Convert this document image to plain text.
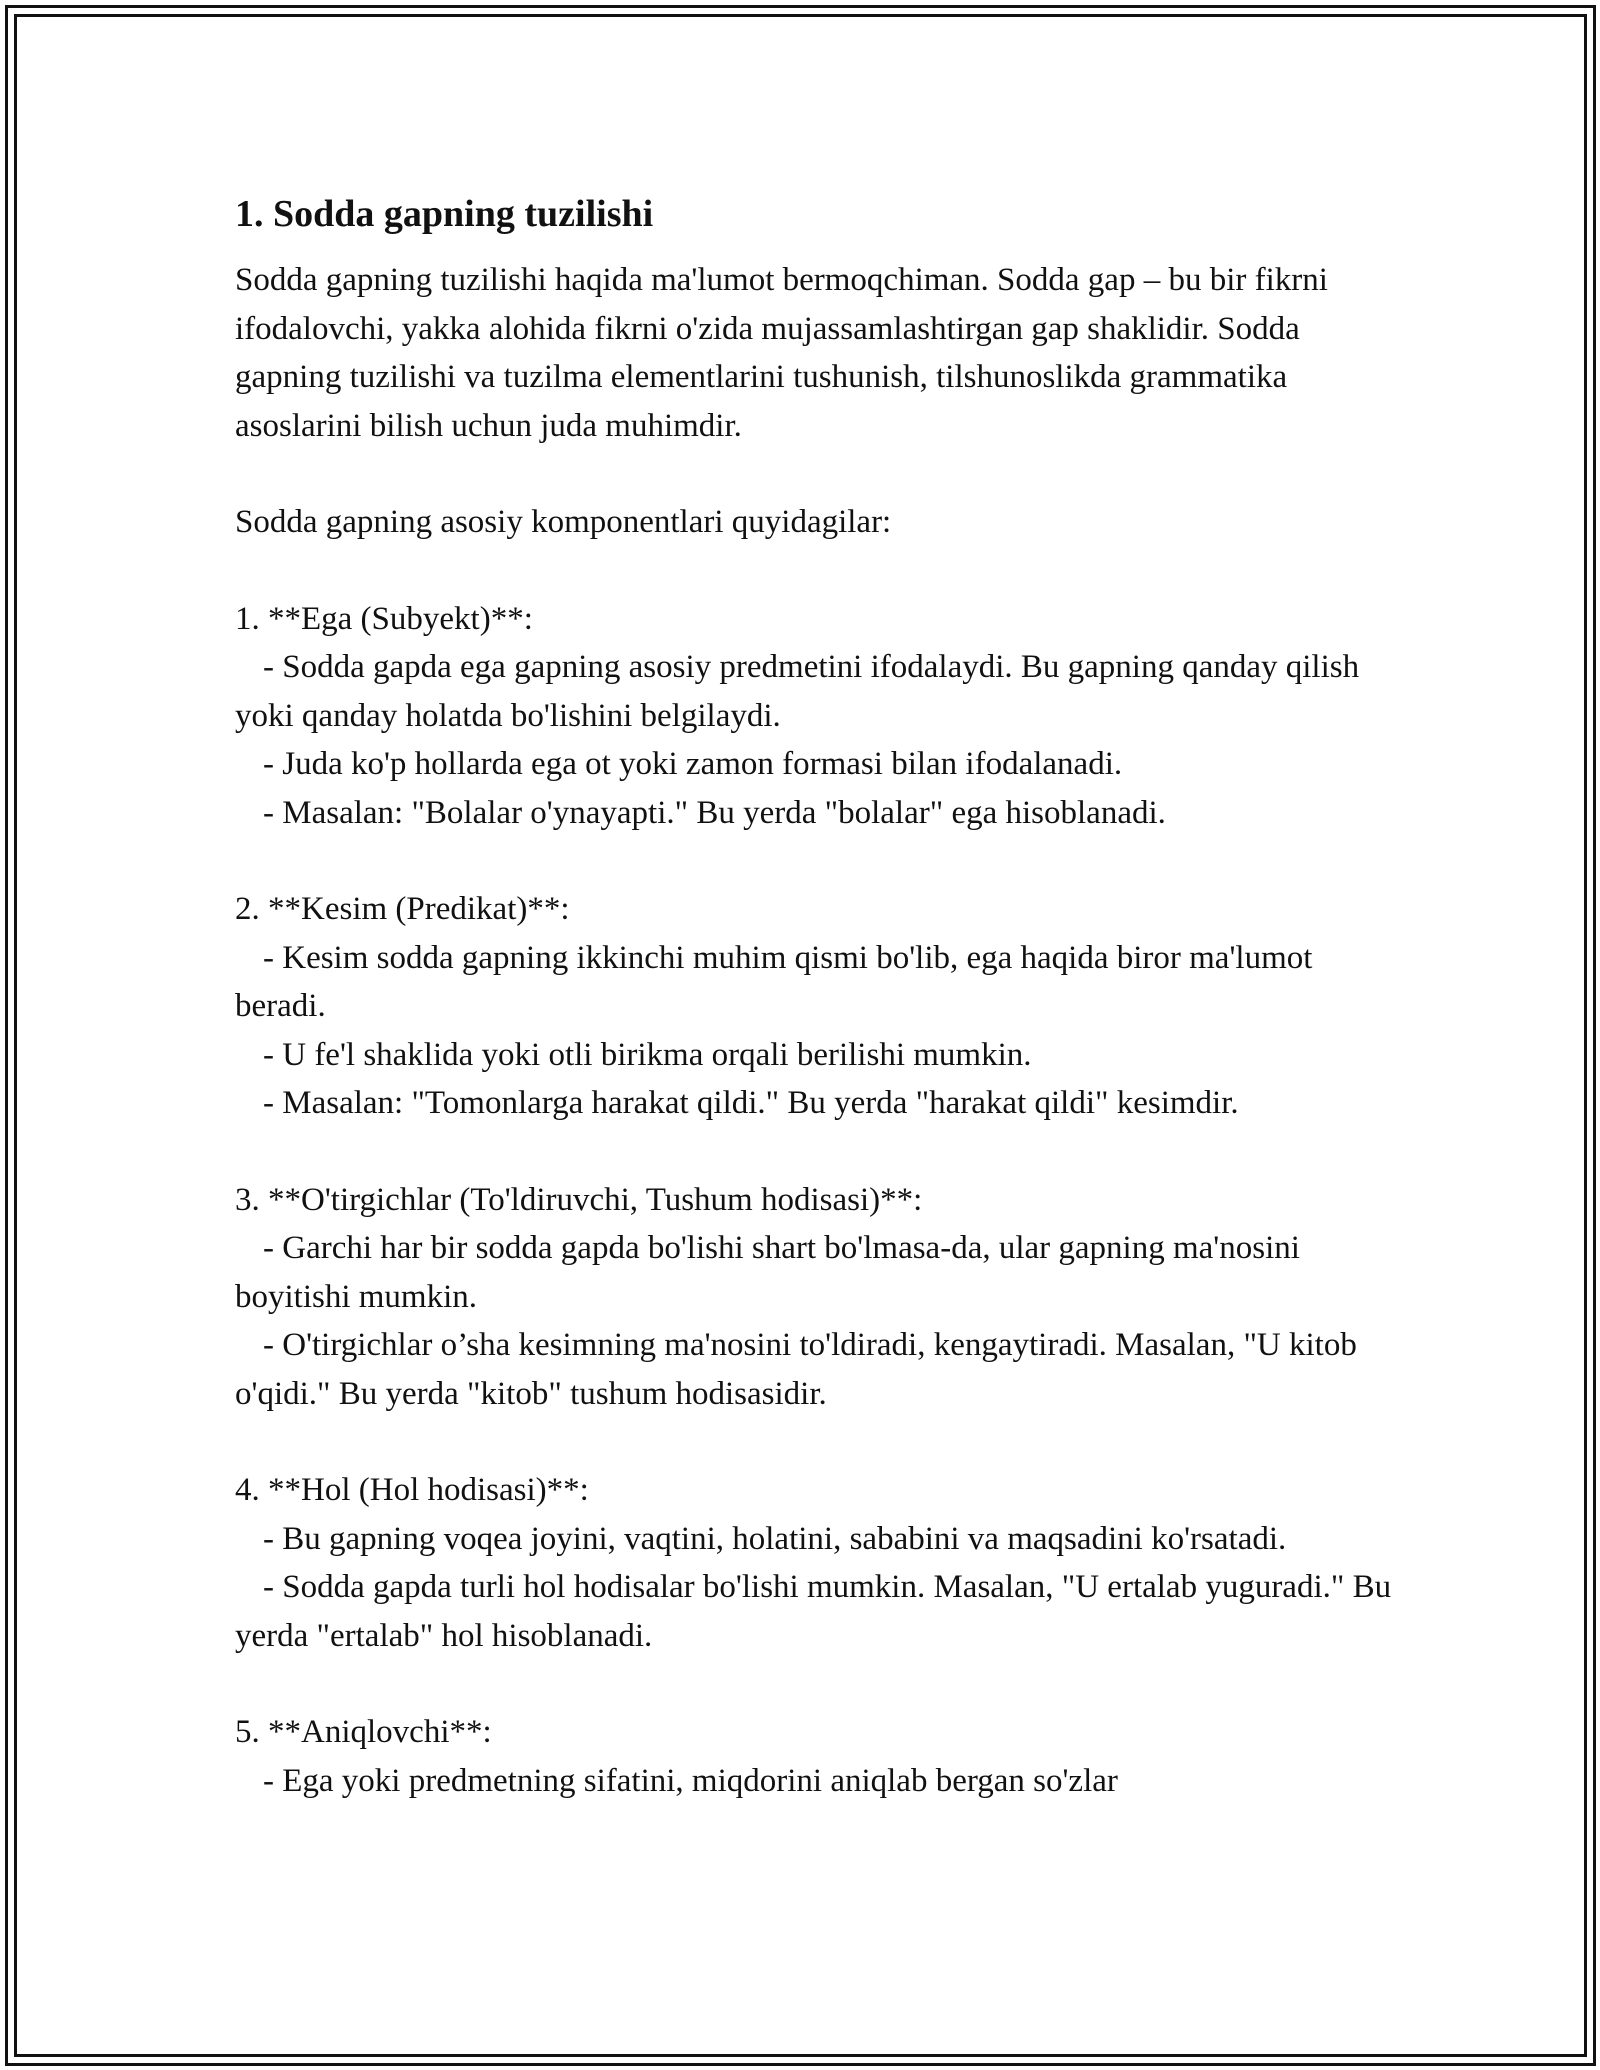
1. Sodda gapning tuzilishi

Sodda gapning tuzilishi haqida ma'lumot bermoqchiman. Sodda gap – bu bir fikrni ifodalovchi, yakka alohida fikrni o'zida mujassamlashtirgan gap shaklidir. Sodda gapning tuzilishi va tuzilma elementlarini tushunish, tilshunoslikda grammatika asoslarini bilish uchun juda muhimdir.

Sodda gapning asosiy komponentlari quyidagilar:

1. **Ega (Subyekt)**:

- Sodda gapda ega gapning asosiy predmetini ifodalaydi. Bu gapning qanday qilish yoki qanday holatda bo'lishini belgilaydi.

- Juda ko'p hollarda ega ot yoki zamon formasi bilan ifodalanadi.

- Masalan: "Bolalar o'ynayapti." Bu yerda "bolalar" ega hisoblanadi.

2. **Kesim (Predikat)**:

- Kesim sodda gapning ikkinchi muhim qismi bo'lib, ega haqida biror ma'lumot beradi.

- U fe'l shaklida yoki otli birikma orqali berilishi mumkin.

- Masalan: "Tomonlarga harakat qildi." Bu yerda "harakat qildi" kesimdir.

3. **O'tirgichlar (To'ldiruvchi, Tushum hodisasi)**:

- Garchi har bir sodda gapda bo'lishi shart bo'lmasa-da, ular gapning ma'nosini boyitishi mumkin.

- O'tirgichlar o’sha kesimning ma'nosini to'ldiradi, kengaytiradi. Masalan, "U kitob o'qidi." Bu yerda "kitob" tushum hodisasidir.

4. **Hol (Hol hodisasi)**:

- Bu gapning voqea joyini, vaqtini, holatini, sababini va maqsadini ko'rsatadi.

- Sodda gapda turli hol hodisalar bo'lishi mumkin. Masalan, "U ertalab yuguradi." Bu yerda "ertalab" hol hisoblanadi.

5. **Aniqlovchi**:

- Ega yoki predmetning sifatini, miqdorini aniqlab bergan so'zlar
